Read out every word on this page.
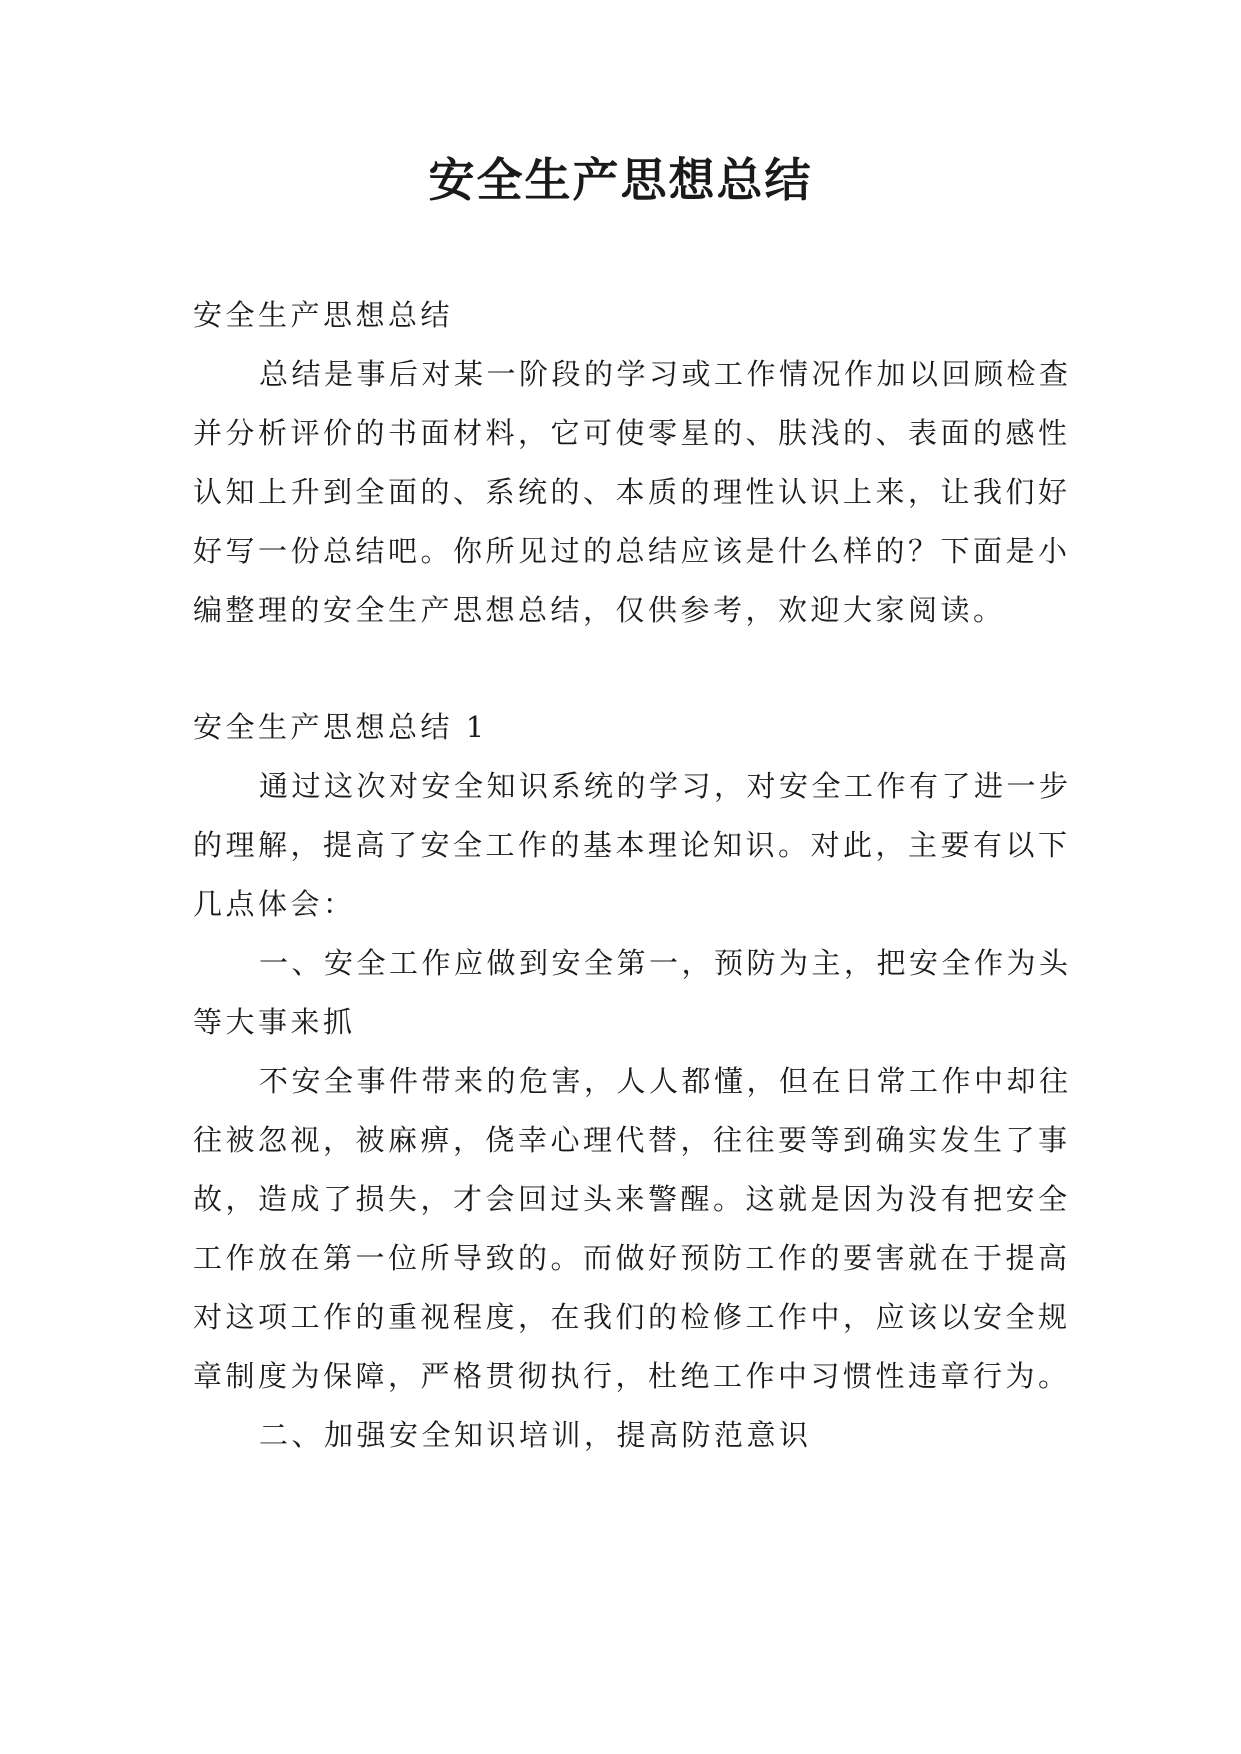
安全生产思想总结

安全生产思想总结

总结是事后对某一阶段的学习或工作情况作加以回顾检查并分析评价的书面材料，它可使零星的、肤浅的、表面的感性认知上升到全面的、系统的、本质的理性认识上来，让我们好好写一份总结吧。你所见过的总结应该是什么样的？下面是小编整理的安全生产思想总结，仅供参考，欢迎大家阅读。

安全生产思想总结 1

通过这次对安全知识系统的学习，对安全工作有了进一步的理解，提高了安全工作的基本理论知识。对此，主要有以下几点体会：

一、安全工作应做到安全第一，预防为主，把安全作为头等大事来抓

不安全事件带来的危害，人人都懂，但在日常工作中却往往被忽视，被麻痹，侥幸心理代替，往往要等到确实发生了事故，造成了损失，才会回过头来警醒。这就是因为没有把安全工作放在第一位所导致的。而做好预防工作的要害就在于提高对这项工作的重视程度，在我们的检修工作中，应该以安全规章制度为保障，严格贯彻执行，杜绝工作中习惯性违章行为。

二、加强安全知识培训，提高防范意识
